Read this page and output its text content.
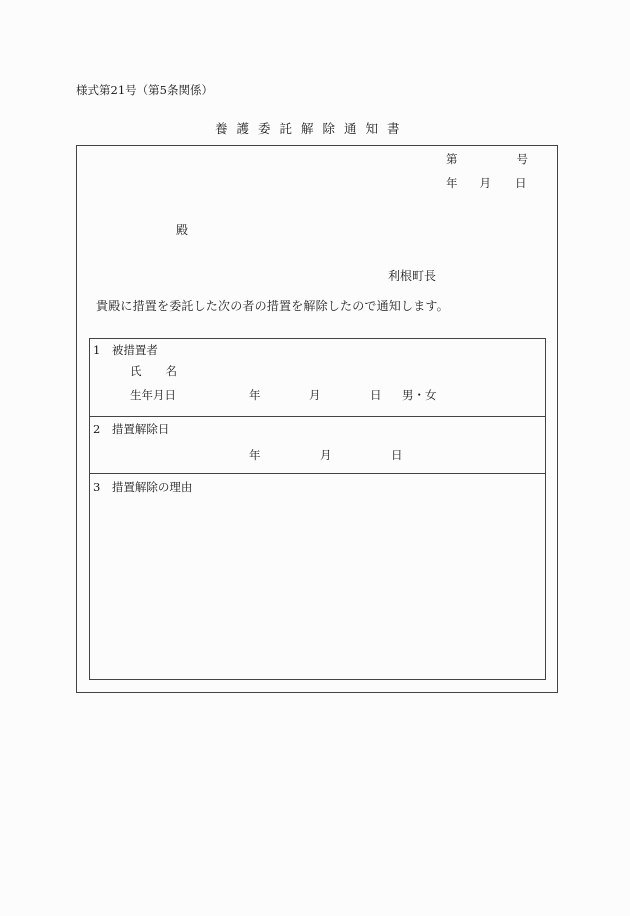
様式第21号（第5条関係）
養護委託解除通知書
第	号
年 月 日
殿
利根町長
貴殿に措置を委託した次の者の措置を解除したので通知します。
1　被措置者
氏 名
生年月日	年	月	日 男・女
2　措置解除日
年	月	日
3　措置解除の理由
